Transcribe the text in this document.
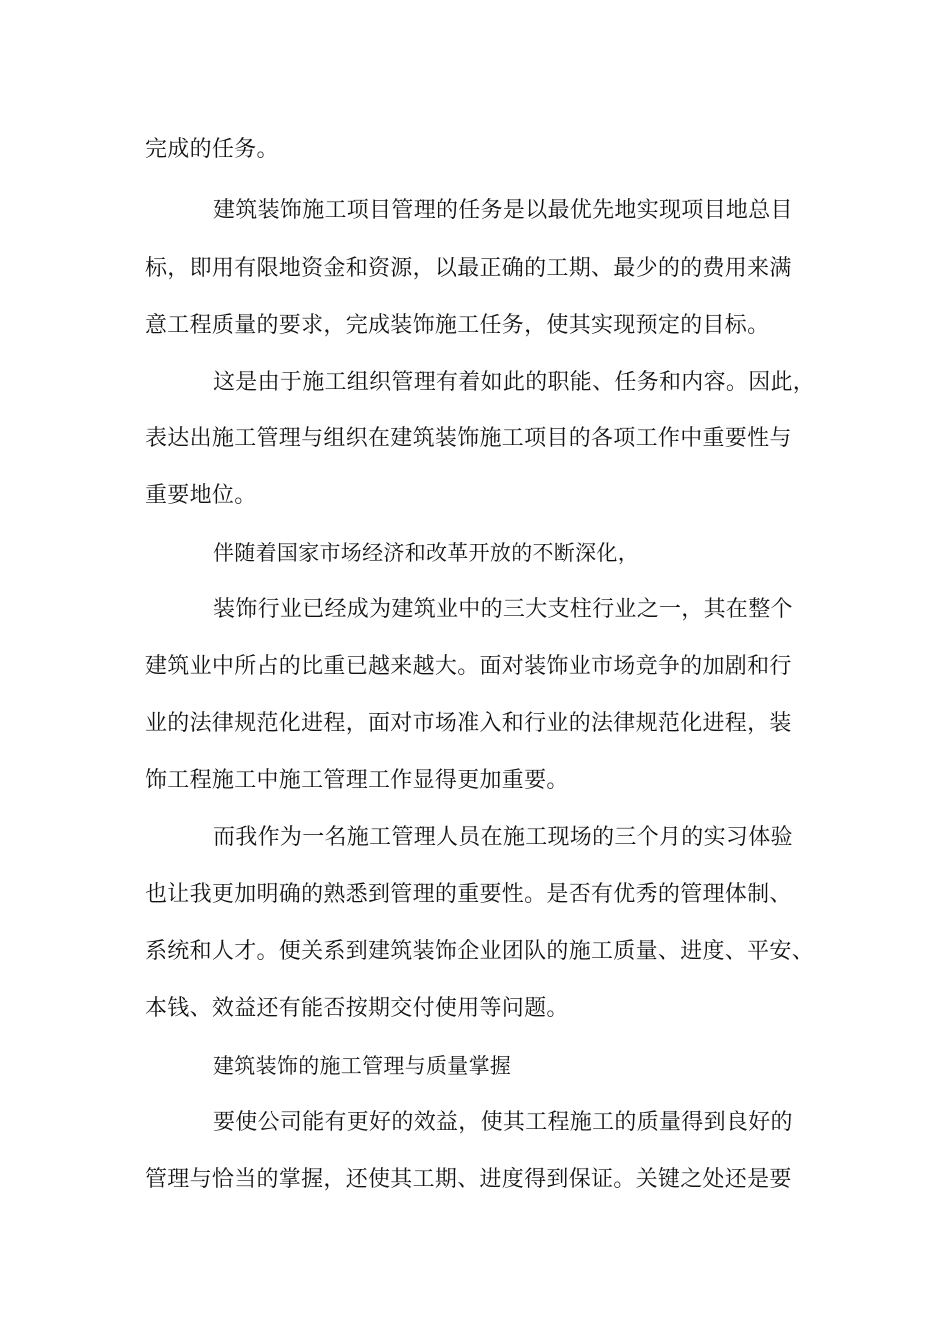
完成的任务。
建筑装饰施工项目管理的任务是以最优先地实现项目地总目
标，即用有限地资金和资源，以最正确的工期、最少的的费用来满
意工程质量的要求，完成装饰施工任务，使其实现预定的目标。
这是由于施工组织管理有着如此的职能、任务和内容。因此，
表达出施工管理与组织在建筑装饰施工项目的各项工作中重要性与
重要地位。
伴随着国家市场经济和改革开放的不断深化，
装饰行业已经成为建筑业中的三大支柱行业之一，其在整个
建筑业中所占的比重已越来越大。面对装饰业市场竞争的加剧和行
业的法律规范化进程，面对市场准入和行业的法律规范化进程，装
饰工程施工中施工管理工作显得更加重要。
而我作为一名施工管理人员在施工现场的三个月的实习体验
也让我更加明确的熟悉到管理的重要性。是否有优秀的管理体制、
系统和人才。便关系到建筑装饰企业团队的施工质量、进度、平安、
本钱、效益还有能否按期交付使用等问题。
建筑装饰的施工管理与质量掌握
要使公司能有更好的效益，使其工程施工的质量得到良好的
管理与恰当的掌握，还使其工期、进度得到保证。关键之处还是要
